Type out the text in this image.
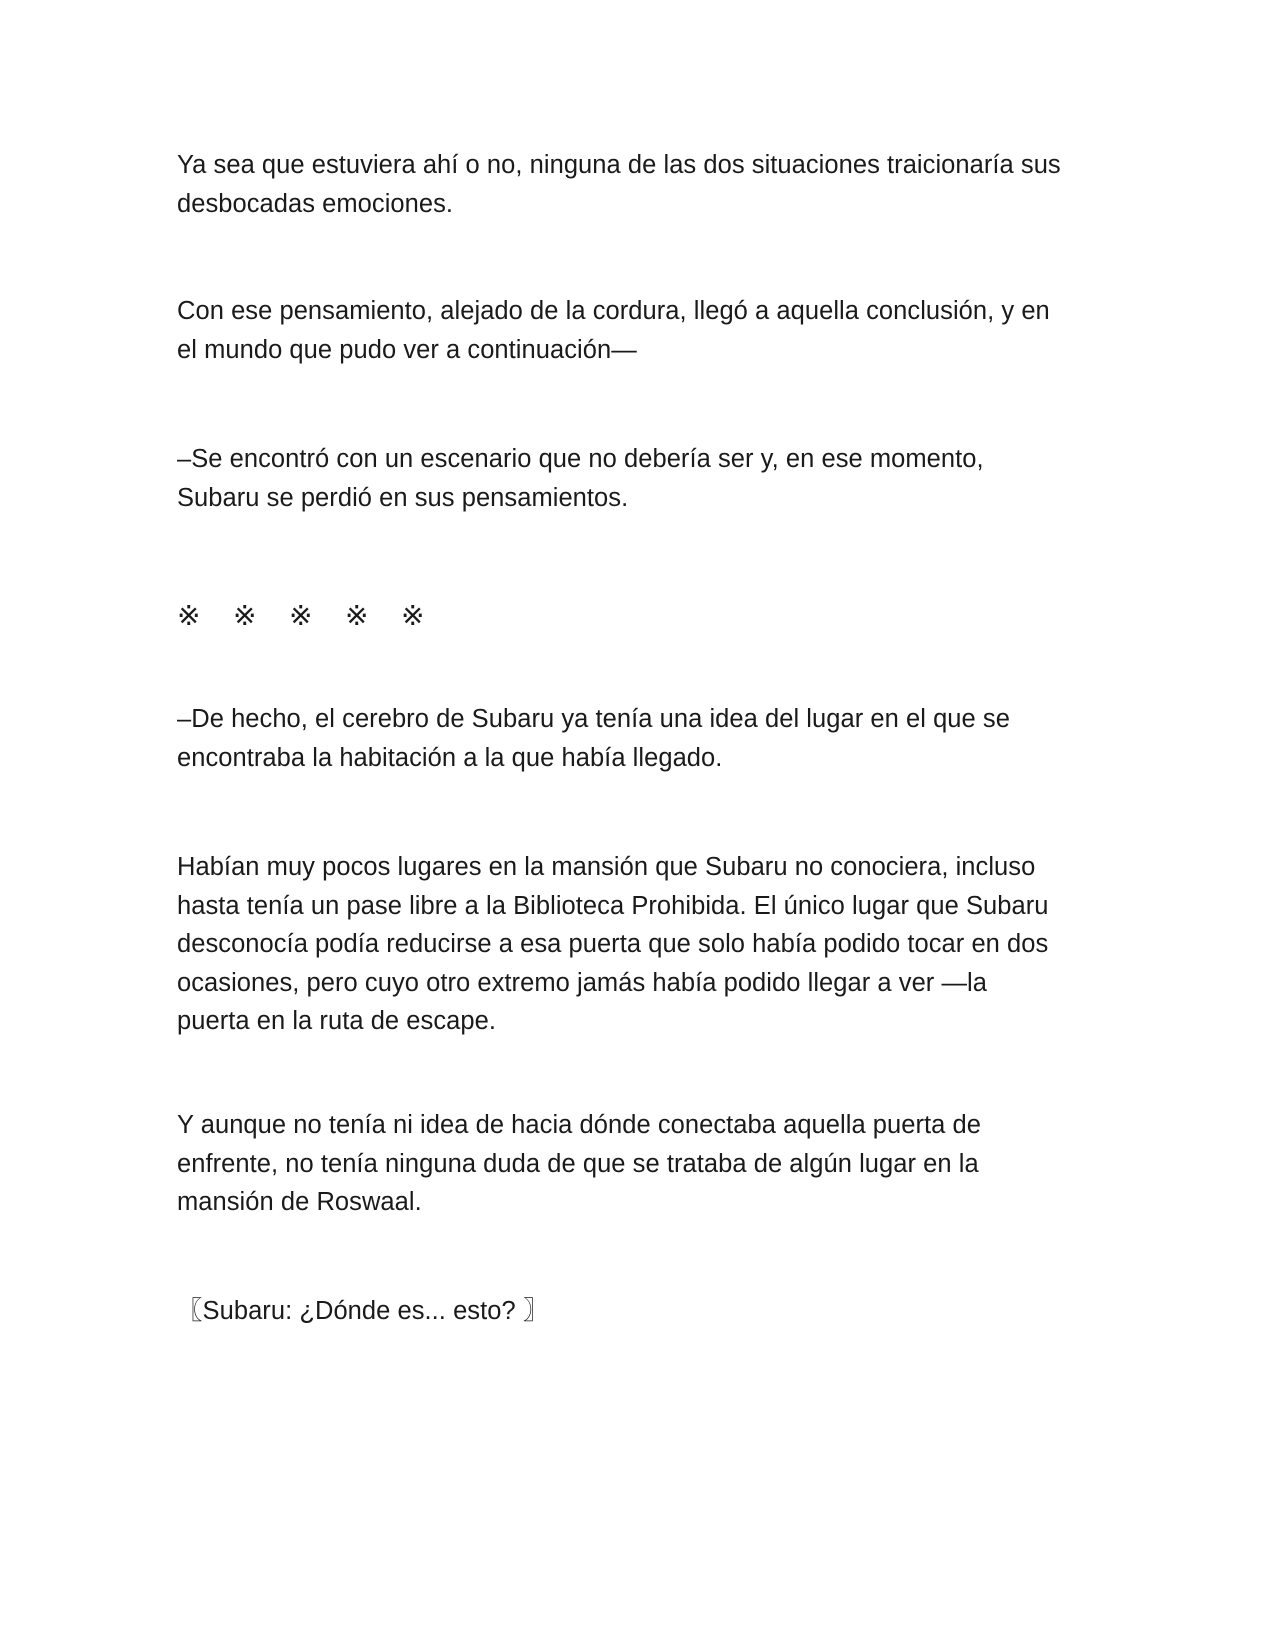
Ya sea que estuviera ahí o no, ninguna de las dos situaciones traicionaría sus
desbocadas emociones.
Con ese pensamiento, alejado de la cordura, llegó a aquella conclusión, y en
el mundo que pudo ver a continuación—
–Se encontró con un escenario que no debería ser y, en ese momento,
Subaru se perdió en sus pensamientos.
※ ※ ※ ※ ※
–De hecho, el cerebro de Subaru ya tenía una idea del lugar en el que se
encontraba la habitación a la que había llegado.
Habían muy pocos lugares en la mansión que Subaru no conociera, incluso
hasta tenía un pase libre a la Biblioteca Prohibida. El único lugar que Subaru
desconocía podía reducirse a esa puerta que solo había podido tocar en dos
ocasiones, pero cuyo otro extremo jamás había podido llegar a ver —la
puerta en la ruta de escape.
Y aunque no tenía ni idea de hacia dónde conectaba aquella puerta de
enfrente, no tenía ninguna duda de que se trataba de algún lugar en la
mansión de Roswaal.
〖Subaru: ¿Dónde es... esto? 〗
